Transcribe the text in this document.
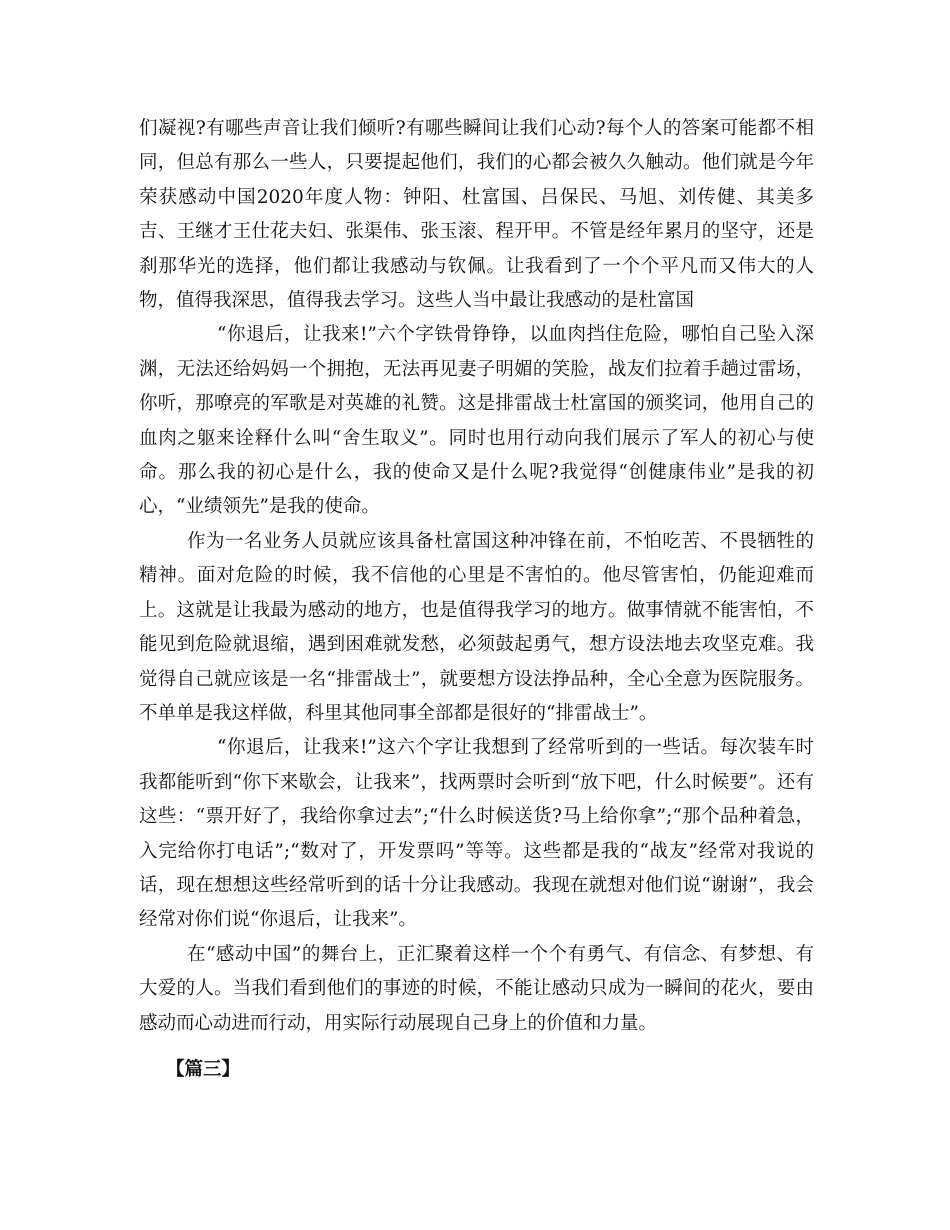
们凝视?有哪些声音让我们倾听?有哪些瞬间让我们心动?每个人的答案可能都不相同，但总有那么一些人，只要提起他们，我们的心都会被久久触动。他们就是今年荣获感动中国2020年度人物：钟阳、杜富国、吕保民、马旭、刘传健、其美多吉、王继才王仕花夫妇、张渠伟、张玉滚、程开甲。不管是经年累月的坚守，还是刹那华光的选择，他们都让我感动与钦佩。让我看到了一个个平凡而又伟大的人物，值得我深思，值得我去学习。这些人当中最让我感动的是杜富国

“你退后，让我来!”六个字铁骨铮铮，以血肉挡住危险，哪怕自己坠入深渊，无法还给妈妈一个拥抱，无法再见妻子明媚的笑脸，战友们拉着手趟过雷场，你听，那嘹亮的军歌是对英雄的礼赞。这是排雷战士杜富国的颁奖词，他用自己的血肉之躯来诠释什么叫“舍生取义”。同时也用行动向我们展示了军人的初心与使命。那么我的初心是什么，我的使命又是什么呢?我觉得“创健康伟业”是我的初心，“业绩领先”是我的使命。

作为一名业务人员就应该具备杜富国这种冲锋在前，不怕吃苦、不畏牺牲的精神。面对危险的时候，我不信他的心里是不害怕的。他尽管害怕，仍能迎难而上。这就是让我最为感动的地方，也是值得我学习的地方。做事情就不能害怕，不能见到危险就退缩，遇到困难就发愁，必须鼓起勇气，想方设法地去攻坚克难。我觉得自己就应该是一名“排雷战士”，就要想方设法挣品种，全心全意为医院服务。不单单是我这样做，科里其他同事全部都是很好的“排雷战士”。

“你退后，让我来!”这六个字让我想到了经常听到的一些话。每次装车时我都能听到“你下来歇会，让我来”，找两票时会听到“放下吧，什么时候要”。还有这些：“票开好了，我给你拿过去”;“什么时候送货?马上给你拿”;“那个品种着急，入完给你打电话”;“数对了，开发票吗”等等。这些都是我的“战友”经常对我说的话，现在想想这些经常听到的话十分让我感动。我现在就想对他们说“谢谢”，我会经常对你们说“你退后，让我来”。

在“感动中国”的舞台上，正汇聚着这样一个个有勇气、有信念、有梦想、有大爱的人。当我们看到他们的事迹的时候，不能让感动只成为一瞬间的花火，要由感动而心动进而行动，用实际行动展现自己身上的价值和力量。

【篇三】
